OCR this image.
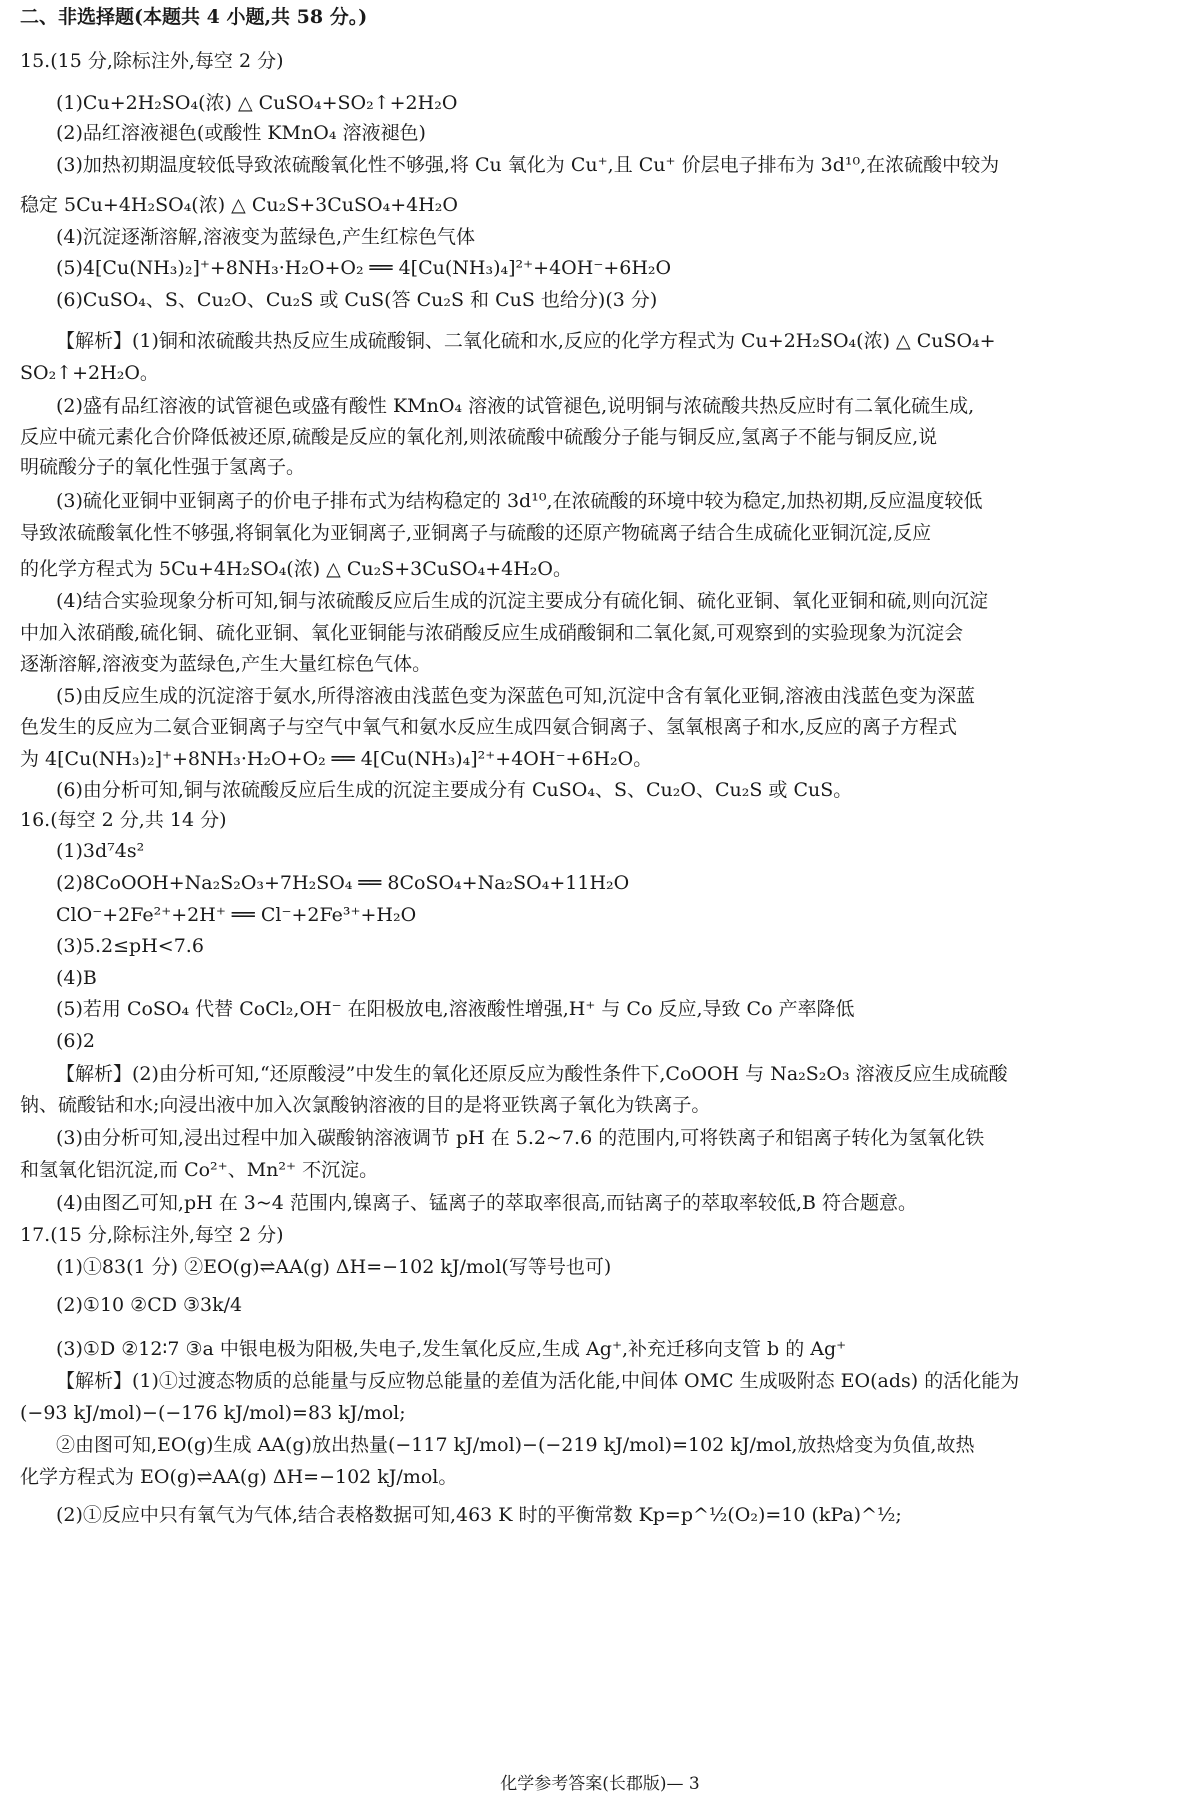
二、非选择题(本题共 4 小题,共 58 分。)
15.(15 分,除标注外,每空 2 分)
(1)Cu+2H₂SO₄(浓) △ CuSO₄+SO₂↑+2H₂O
(2)品红溶液褪色(或酸性 KMnO₄ 溶液褪色)
(3)加热初期温度较低导致浓硫酸氧化性不够强,将 Cu 氧化为 Cu⁺,且 Cu⁺ 价层电子排布为 3d¹⁰,在浓硫酸中较为
稳定 5Cu+4H₂SO₄(浓) △ Cu₂S+3CuSO₄+4H₂O
(4)沉淀逐渐溶解,溶液变为蓝绿色,产生红棕色气体
(5)4[Cu(NH₃)₂]⁺+8NH₃·H₂O+O₂ ══ 4[Cu(NH₃)₄]²⁺+4OH⁻+6H₂O
(6)CuSO₄、S、Cu₂O、Cu₂S 或 CuS(答 Cu₂S 和 CuS 也给分)(3 分)
【解析】(1)铜和浓硫酸共热反应生成硫酸铜、二氧化硫和水,反应的化学方程式为 Cu+2H₂SO₄(浓) △ CuSO₄+
SO₂↑+2H₂O。
(2)盛有品红溶液的试管褪色或盛有酸性 KMnO₄ 溶液的试管褪色,说明铜与浓硫酸共热反应时有二氧化硫生成,
反应中硫元素化合价降低被还原,硫酸是反应的氧化剂,则浓硫酸中硫酸分子能与铜反应,氢离子不能与铜反应,说
明硫酸分子的氧化性强于氢离子。
(3)硫化亚铜中亚铜离子的价电子排布式为结构稳定的 3d¹⁰,在浓硫酸的环境中较为稳定,加热初期,反应温度较低
导致浓硫酸氧化性不够强,将铜氧化为亚铜离子,亚铜离子与硫酸的还原产物硫离子结合生成硫化亚铜沉淀,反应
的化学方程式为 5Cu+4H₂SO₄(浓) △ Cu₂S+3CuSO₄+4H₂O。
(4)结合实验现象分析可知,铜与浓硫酸反应后生成的沉淀主要成分有硫化铜、硫化亚铜、氧化亚铜和硫,则向沉淀
中加入浓硝酸,硫化铜、硫化亚铜、氧化亚铜能与浓硝酸反应生成硝酸铜和二氧化氮,可观察到的实验现象为沉淀会
逐渐溶解,溶液变为蓝绿色,产生大量红棕色气体。
(5)由反应生成的沉淀溶于氨水,所得溶液由浅蓝色变为深蓝色可知,沉淀中含有氧化亚铜,溶液由浅蓝色变为深蓝
色发生的反应为二氨合亚铜离子与空气中氧气和氨水反应生成四氨合铜离子、氢氧根离子和水,反应的离子方程式
为 4[Cu(NH₃)₂]⁺+8NH₃·H₂O+O₂ ══ 4[Cu(NH₃)₄]²⁺+4OH⁻+6H₂O。
(6)由分析可知,铜与浓硫酸反应后生成的沉淀主要成分有 CuSO₄、S、Cu₂O、Cu₂S 或 CuS。
16.(每空 2 分,共 14 分)
(1)3d⁷4s²
(2)8CoOOH+Na₂S₂O₃+7H₂SO₄ ══ 8CoSO₄+Na₂SO₄+11H₂O
ClO⁻+2Fe²⁺+2H⁺ ══ Cl⁻+2Fe³⁺+H₂O
(3)5.2≤pH<7.6
(4)B
(5)若用 CoSO₄ 代替 CoCl₂,OH⁻ 在阳极放电,溶液酸性增强,H⁺ 与 Co 反应,导致 Co 产率降低
(6)2
【解析】(2)由分析可知,“还原酸浸”中发生的氧化还原反应为酸性条件下,CoOOH 与 Na₂S₂O₃ 溶液反应生成硫酸
钠、硫酸钴和水;向浸出液中加入次氯酸钠溶液的目的是将亚铁离子氧化为铁离子。
(3)由分析可知,浸出过程中加入碳酸钠溶液调节 pH 在 5.2~7.6 的范围内,可将铁离子和铝离子转化为氢氧化铁
和氢氧化铝沉淀,而 Co²⁺、Mn²⁺ 不沉淀。
(4)由图乙可知,pH 在 3~4 范围内,镍离子、锰离子的萃取率很高,而钴离子的萃取率较低,B 符合题意。
17.(15 分,除标注外,每空 2 分)
(1)①83(1 分) ②EO(g)⇌AA(g) ΔH=−102 kJ/mol(写等号也可)
(2)①10 ②CD ③3k/4
(3)①D ②12∶7 ③a 中银电极为阳极,失电子,发生氧化反应,生成 Ag⁺,补充迁移向支管 b 的 Ag⁺
【解析】(1)①过渡态物质的总能量与反应物总能量的差值为活化能,中间体 OMC 生成吸附态 EO(ads) 的活化能为
(−93 kJ/mol)−(−176 kJ/mol)=83 kJ/mol;
②由图可知,EO(g)生成 AA(g)放出热量(−117 kJ/mol)−(−219 kJ/mol)=102 kJ/mol,放热焓变为负值,故热
化学方程式为 EO(g)⇌AA(g) ΔH=−102 kJ/mol。
(2)①反应中只有氧气为气体,结合表格数据可知,463 K 时的平衡常数 Kp=p^½(O₂)=10 (kPa)^½;
化学参考答案(长郡版)— 3
